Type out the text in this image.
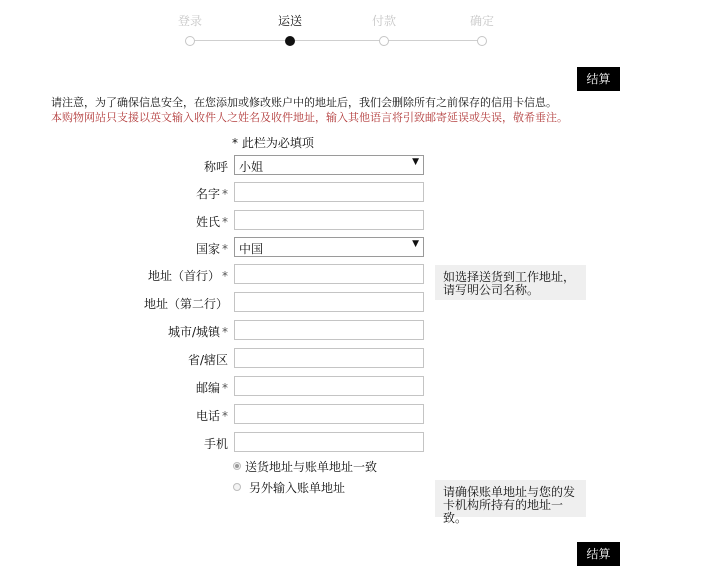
登录	运送	付款	确定
结算
请注意，为了确保信息安全，在您添加或修改账户中的地址后，我们会删除所有之前保存的信用卡信息。
本购物网站只支援以英文输入收件人之姓名及收件地址，输入其他语言将引致邮寄延误或失误，敬希垂注。
* 此栏为必填项
称呼 小姐	▼
名字 *
姓氏 *
国家 * 中国	▼
地址（首行） *
地址（第二行）
城市/城镇 *
省/辖区
邮编 *
电话 *
手机
如选择送货到工作地址，请写明公司名称。
请确保账单地址与您的发卡机构所持有的地址一致。
送货地址与账单地址一致
另外输入账单地址
结算
